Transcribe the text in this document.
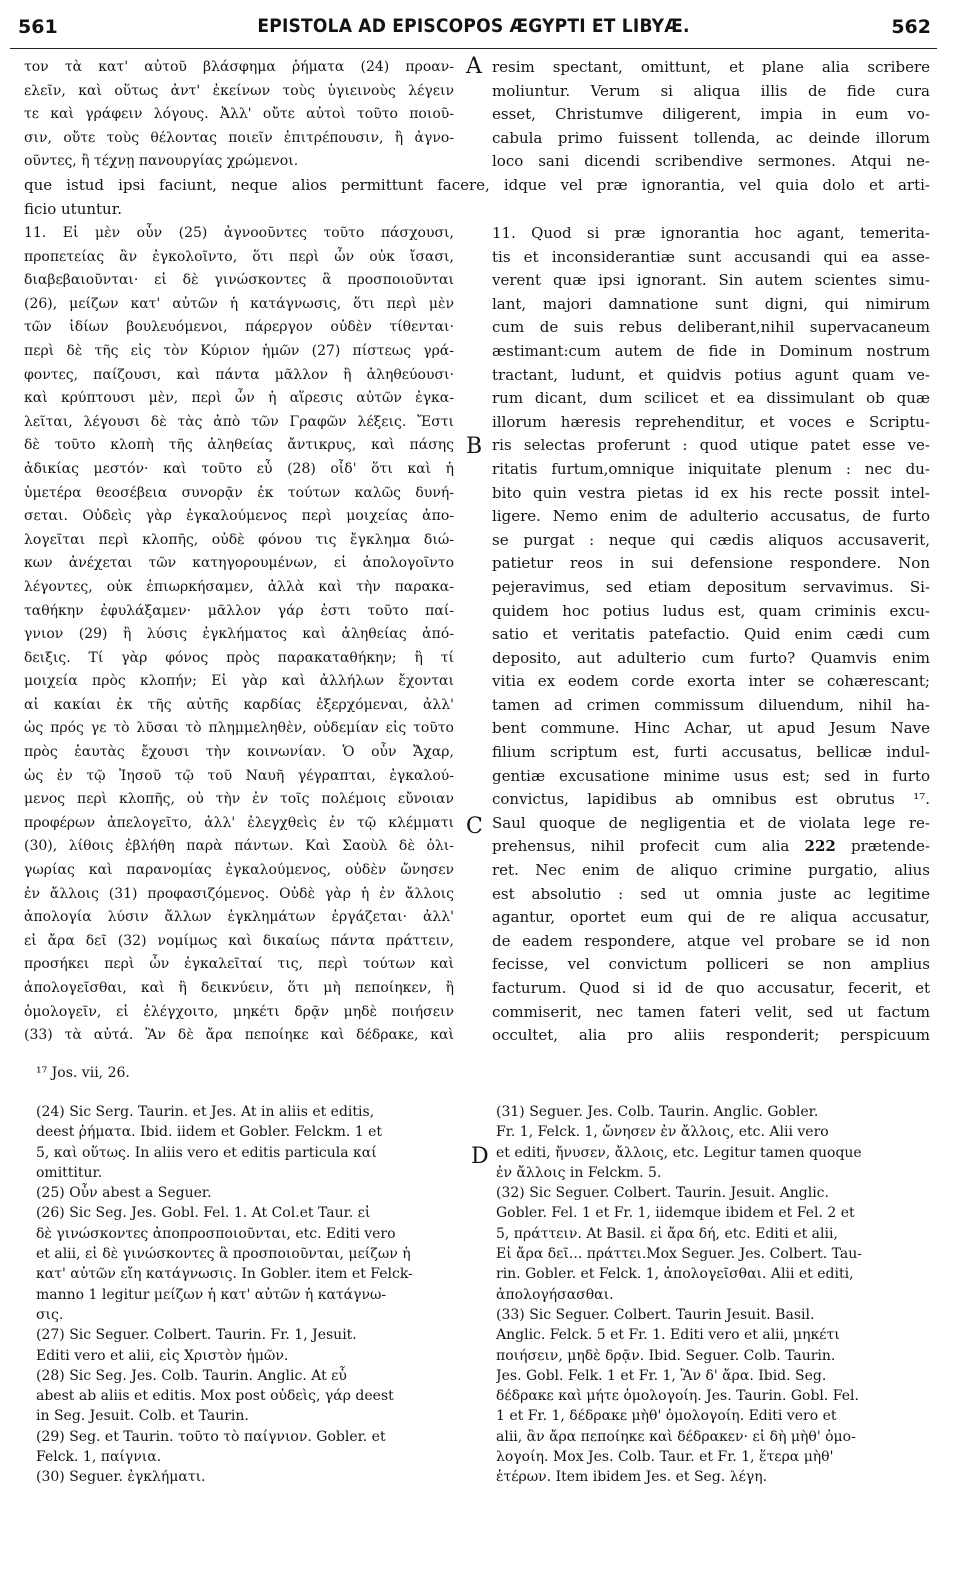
561	EPISTOLA AD EPISCOPOS ÆGYPTI ET LIBYÆ.	562
τον τὰ κατ' αὐτοῦ βλάσφημα ῥήματα (24) προαν-
ελεῖν, καὶ οὕτως ἀντ' ἐκείνων τοὺς ὑγιεινοὺς λέγειν
τε καὶ γράφειν λόγους. Ἀλλ' οὔτε αὐτοὶ τοῦτο ποιοῦ-
σιν, οὔτε τοὺς θέλοντας ποιεῖν ἐπιτρέπουσιν, ἢ ἀγνο-
οῦντες, ἢ τέχνῃ πανουργίας χρώμενοι.
A
B
C
D
resim spectant, omittunt, et plane alia scribere
moliuntur. Verum si aliqua illis de fide cura
esset, Christumve diligerent, impia in eum vo-
cabula primo fuissent tollenda, ac deinde illorum
loco sani dicendi scribendive sermones. Atqui ne-
que istud ipsi faciunt, neque alios permittunt facere, idque vel præ ignorantia, vel quia dolo et arti-
ficio utuntur.
11. Εἰ μὲν οὖν (25) ἀγνοοῦντες τοῦτο πάσχουσι,
προπετείας ἂν ἐγκολοῖντο, ὅτι περὶ ὧν οὐκ ἴσασι,
διαβεβαιοῦνται· εἰ δὲ γινώσκοντες ἃ προσποιοῦνται
(26), μείζων κατ' αὐτῶν ἡ κατάγνωσις, ὅτι περὶ μὲν
τῶν ἰδίων βουλευόμενοι, πάρεργον οὐδὲν τίθενται·
περὶ δὲ τῆς εἰς τὸν Κύριον ἡμῶν (27) πίστεως γρά-
φοντες, παίζουσι, καὶ πάντα μᾶλλον ἢ ἀληθεύουσι·
καὶ κρύπτουσι μὲν, περὶ ὧν ἡ αἵρεσις αὐτῶν ἐγκα-
λεῖται, λέγουσι δὲ τὰς ἀπὸ τῶν Γραφῶν λέξεις. Ἔστι
δὲ τοῦτο κλοπὴ τῆς ἀληθείας ἄντικρυς, καὶ πάσης
ἀδικίας μεστόν· καὶ τοῦτο εὖ (28) οἶδ' ὅτι καὶ ἡ
ὑμετέρα θεοσέβεια συνορᾷν ἐκ τούτων καλῶς δυνή-
σεται. Οὐδεὶς γὰρ ἐγκαλούμενος περὶ μοιχείας ἀπο-
λογεῖται περὶ κλοπῆς, οὐδὲ φόνου τις ἔγκλημα διώ-
κων ἀνέχεται τῶν κατηγορουμένων, εἰ ἀπολογοῖντο
λέγοντες, οὐκ ἐπιωρκήσαμεν, ἀλλὰ καὶ τὴν παρακα-
ταθήκην ἐφυλάξαμεν· μᾶλλον γάρ ἐστι τοῦτο παί-
γνιον (29) ἢ λύσις ἐγκλήματος καὶ ἀληθείας ἀπό-
δειξις. Τί γὰρ φόνος πρὸς παρακαταθήκην; ἢ τί
μοιχεία πρὸς κλοπήν; Εἰ γὰρ καὶ ἀλλήλων ἔχονται
αἱ κακίαι ἐκ τῆς αὐτῆς καρδίας ἐξερχόμεναι, ἀλλ'
ὡς πρός γε τὸ λῦσαι τὸ πλημμεληθὲν, οὐδεμίαν εἰς τοῦτο
πρὸς ἑαυτὰς ἔχουσι τὴν κοινωνίαν. Ὁ οὖν Ἄχαρ,
ὡς ἐν τῷ Ἰησοῦ τῷ τοῦ Ναυῆ γέγραπται, ἐγκαλού-
μενος περὶ κλοπῆς, οὐ τὴν ἐν τοῖς πολέμοις εὔνοιαν
προφέρων ἀπελογεῖτο, ἀλλ' ἐλεγχθεὶς ἐν τῷ κλέμματι
(30), λίθοις ἐβλήθη παρὰ πάντων. Καὶ Σαοὺλ δὲ ὀλι-
γωρίας καὶ παρανομίας ἐγκαλούμενος, οὐδὲν ὤνησεν
ἐν ἄλλοις (31) προφασιζόμενος. Οὐδὲ γὰρ ἡ ἐν ἄλλοις
ἀπολογία λύσιν ἄλλων ἐγκλημάτων ἐργάζεται· ἀλλ'
εἰ ἄρα δεῖ (32) νομίμως καὶ δικαίως πάντα πράττειν,
προσήκει περὶ ὧν ἐγκαλεῖταί τις, περὶ τούτων καὶ
ἀπολογεῖσθαι, καὶ ἢ δεικνύειν, ὅτι μὴ πεποίηκεν, ἢ
ὁμολογεῖν, εἰ ἐλέγχοιτο, μηκέτι δρᾷν μηδὲ ποιήσειν
(33) τὰ αὐτά. Ἂν δὲ ἄρα πεποίηκε καὶ δέδρακε, καὶ
11. Quod si præ ignorantia hoc agant, temerita-
tis et inconsiderantiæ sunt accusandi qui ea asse-
verent quæ ipsi ignorant. Sin autem scientes simu-
lant, majori damnatione sunt digni, qui nimirum
cum de suis rebus deliberant,nihil supervacaneum
æstimant:cum autem de fide in Dominum nostrum
tractant, ludunt, et quidvis potius agunt quam ve-
rum dicant, dum scilicet et ea dissimulant ob quæ
illorum hæresis reprehenditur, et voces e Scriptu-
ris selectas proferunt : quod utique patet esse ve-
ritatis furtum,omnique iniquitate plenum : nec du-
bito quin vestra pietas id ex his recte possit intel-
ligere. Nemo enim de adulterio accusatus, de furto
se purgat : neque qui cædis aliquos accusaverit,
patietur reos in sui defensione respondere. Non
pejeravimus, sed etiam depositum servavimus. Si-
quidem hoc potius ludus est, quam criminis excu-
satio et veritatis patefactio. Quid enim cædi cum
deposito, aut adulterio cum furto? Quamvis enim
vitia ex eodem corde exorta inter se cohærescant;
tamen ad crimen commissum diluendum, nihil ha-
bent commune. Hinc Achar, ut apud Jesum Nave
filium scriptum est, furti accusatus, bellicæ indul-
gentiæ excusatione minime usus est; sed in furto
convictus, lapidibus ab omnibus est obrutus ¹⁷.
Saul quoque de negligentia et de violata lege re-
prehensus, nihil profecit cum alia 222 prætende-
ret. Nec enim de aliquo crimine purgatio, alius
est absolutio : sed ut omnia juste ac legitime
agantur, oportet eum qui de re aliqua accusatur,
de eadem respondere, atque vel probare se id non
fecisse, vel convictum polliceri se non amplius
facturum. Quod si id de quo accusatur, fecerit, et
commiserit, nec tamen fateri velit, sed ut factum
occultet, alia pro aliis responderit; perspicuum
¹⁷ Jos. vii, 26.
(24) Sic Serg. Taurin. et Jes. At in aliis et editis,
deest ῥήματα. Ibid. iidem et Gobler. Felckm. 1 et
5, καὶ οὕτως. In aliis vero et editis particula καί
omittitur.
(25) Οὖν abest a Seguer.
(26) Sic Seg. Jes. Gobl. Fel. 1. At Col.et Taur. εἰ
δὲ γινώσκοντες ἀποπροσποιοῦνται, etc. Editi vero
et alii, εἰ δὲ γινώσκοντες ἃ προσποιοῦνται, μείζων ἡ
κατ' αὐτῶν εἴη κατάγνωσις. In Gobler. item et Felck-
manno 1 legitur μείζων ἡ κατ' αὐτῶν ἡ κατάγνω-
σις.
(27) Sic Seguer. Colbert. Taurin. Fr. 1, Jesuit.
Editi vero et alii, εἰς Χριστὸν ἡμῶν.
(28) Sic Seg. Jes. Colb. Taurin. Anglic. At εὖ
abest ab aliis et editis. Mox post οὐδεὶς, γάρ deest
in Seg. Jesuit. Colb. et Taurin.
(29) Seg. et Taurin. τοῦτο τὸ παίγνιον. Gobler. et
Felck. 1, παίγνια.
(30) Seguer. ἐγκλήματι.
(31) Seguer. Jes. Colb. Taurin. Anglic. Gobler.
Fr. 1, Felck. 1, ὤνησεν ἐν ἄλλοις, etc. Alii vero
et editi, ἤνυσεν, ἄλλοις, etc. Legitur tamen quoque
ἐν ἄλλοις in Felckm. 5.
(32) Sic Seguer. Colbert. Taurin. Jesuit. Anglic.
Gobler. Fel. 1 et Fr. 1, iidemque ibidem et Fel. 2 et
5, πράττειν. At Basil. εἰ ἄρα δή, etc. Editi et alii,
Εἰ ἄρα δεῖ... πράττει.Mox Seguer. Jes. Colbert. Tau-
rin. Gobler. et Felck. 1, ἀπολογεῖσθαι. Alii et editi,
ἀπολογήσασθαι.
(33) Sic Seguer. Colbert. Taurin Jesuit. Basil.
Anglic. Felck. 5 et Fr. 1. Editi vero et alii, μηκέτι
ποιήσειν, μηδὲ δρᾷν. Ibid. Seguer. Colb. Taurin.
Jes. Gobl. Felk. 1 et Fr. 1, Ἂν δ' ἄρα. Ibid. Seg.
δέδρακε καὶ μήτε ὁμολογοίη. Jes. Taurin. Gobl. Fel.
1 et Fr. 1, δέδρακε μὴθ' ὁμολογοίη. Editi vero et
alii, ἂν ἄρα πεποίηκε καὶ δέδρακεν· εἰ δὴ μὴθ' ὁμο-
λογοίη. Mox Jes. Colb. Taur. et Fr. 1, ἕτερα μὴθ'
ἑτέρων. Item ibidem Jes. et Seg. λέγη.
